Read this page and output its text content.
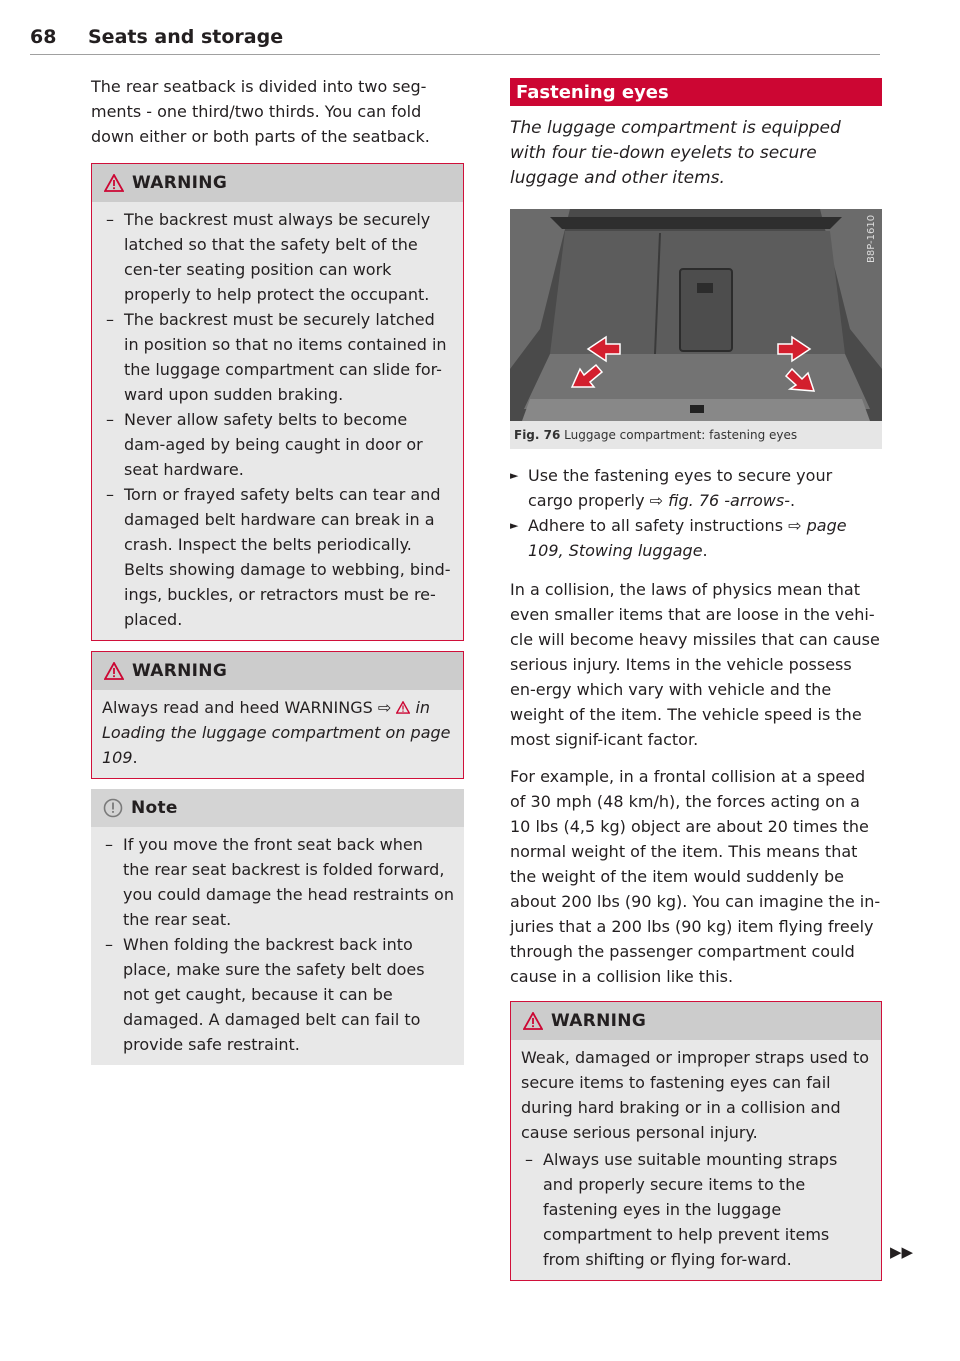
68 Seats and storage

The rear seatback is divided into two seg-ments - one third/two thirds. You can fold down either or both parts of the seatback.

WARNING
– The backrest must always be securely latched so that the safety belt of the cen-ter seating position can work properly to help protect the occupant.
– The backrest must be securely latched in position so that no items contained in the luggage compartment can slide for-ward upon sudden braking.
– Never allow safety belts to become dam-aged by being caught in door or seat hardware.
– Torn or frayed safety belts can tear and damaged belt hardware can break in a crash. Inspect the belts periodically. Belts showing damage to webbing, bind-ings, buckles, or retractors must be re-placed.
WARNING

Always read and heed WARNINGS ⇨  in Loading the luggage compartment on page 109.

Note
– If you move the front seat back when the rear seat backrest is folded forward, you could damage the head restraints on the rear seat.
– When folding the backrest back into place, make sure the safety belt does not get caught, because it can be damaged. A damaged belt can fail to provide safe restraint.
Fastening eyes

The luggage compartment is equipped with four tie-down eyelets to secure luggage and other items.

B8P-1610
Fig. 76 Luggage compartment: fastening eyes
► Use the fastening eyes to secure your cargo properly ⇨ fig. 76 -arrows-.
► Adhere to all safety instructions ⇨ page 109, Stowing luggage.

In a collision, the laws of physics mean that even smaller items that are loose in the vehi-cle will become heavy missiles that can cause serious injury. Items in the vehicle possess en-ergy which vary with vehicle and the weight of the item. The vehicle speed is the most signif-icant factor.

For example, in a frontal collision at a speed of 30 mph (48 km/h), the forces acting on a 10 lbs (4,5 kg) object are about 20 times the normal weight of the item. This means that the weight of the item would suddenly be about 200 lbs (90 kg). You can imagine the in-juries that a 200 lbs (90 kg) item flying freely through the passenger compartment could cause in a collision like this.

WARNING

Weak, damaged or improper straps used to secure items to fastening eyes can fail during hard braking or in a collision and cause serious personal injury.

– Always use suitable mounting straps and properly secure items to the fastening eyes in the luggage compartment to help prevent items from shifting or flying for-ward.	▶▶
